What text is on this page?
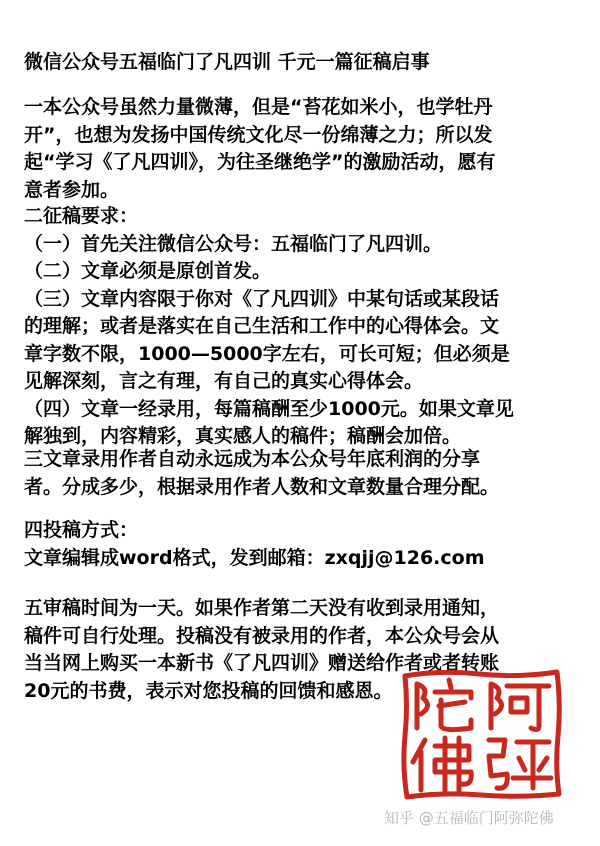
微信公众号五福临门了凡四训 千元一篇征稿启事
一本公众号虽然力量微薄，但是“苔花如米小，也学牡丹
开”，也想为发扬中国传统文化尽一份绵薄之力；所以发
起“学习《了凡四训》，为往圣继绝学”的激励活动，愿有
意者参加。
二征稿要求：
（一）首先关注微信公众号：五福临门了凡四训。
（二）文章必须是原创首发。
（三）文章内容限于你对《了凡四训》中某句话或某段话
的理解；或者是落实在自己生活和工作中的心得体会。文
章字数不限，1000—5000字左右，可长可短；但必须是
见解深刻，言之有理，有自己的真实心得体会。
（四）文章一经录用，每篇稿酬至少1000元。如果文章见
解独到，内容精彩，真实感人的稿件；稿酬会加倍。
三文章录用作者自动永远成为本公众号年底利润的分享
者。分成多少，根据录用作者人数和文章数量合理分配。
四投稿方式：
文章编辑成word格式，发到邮箱：zxqjj@126.com
五审稿时间为一天。如果作者第二天没有收到录用通知，
稿件可自行处理。投稿没有被录用的作者，本公众号会从
当当网上购买一本新书《了凡四训》赠送给作者或者转账
20元的书费，表示对您投稿的回馈和感恩。
知乎 @五福临门阿弥陀佛
